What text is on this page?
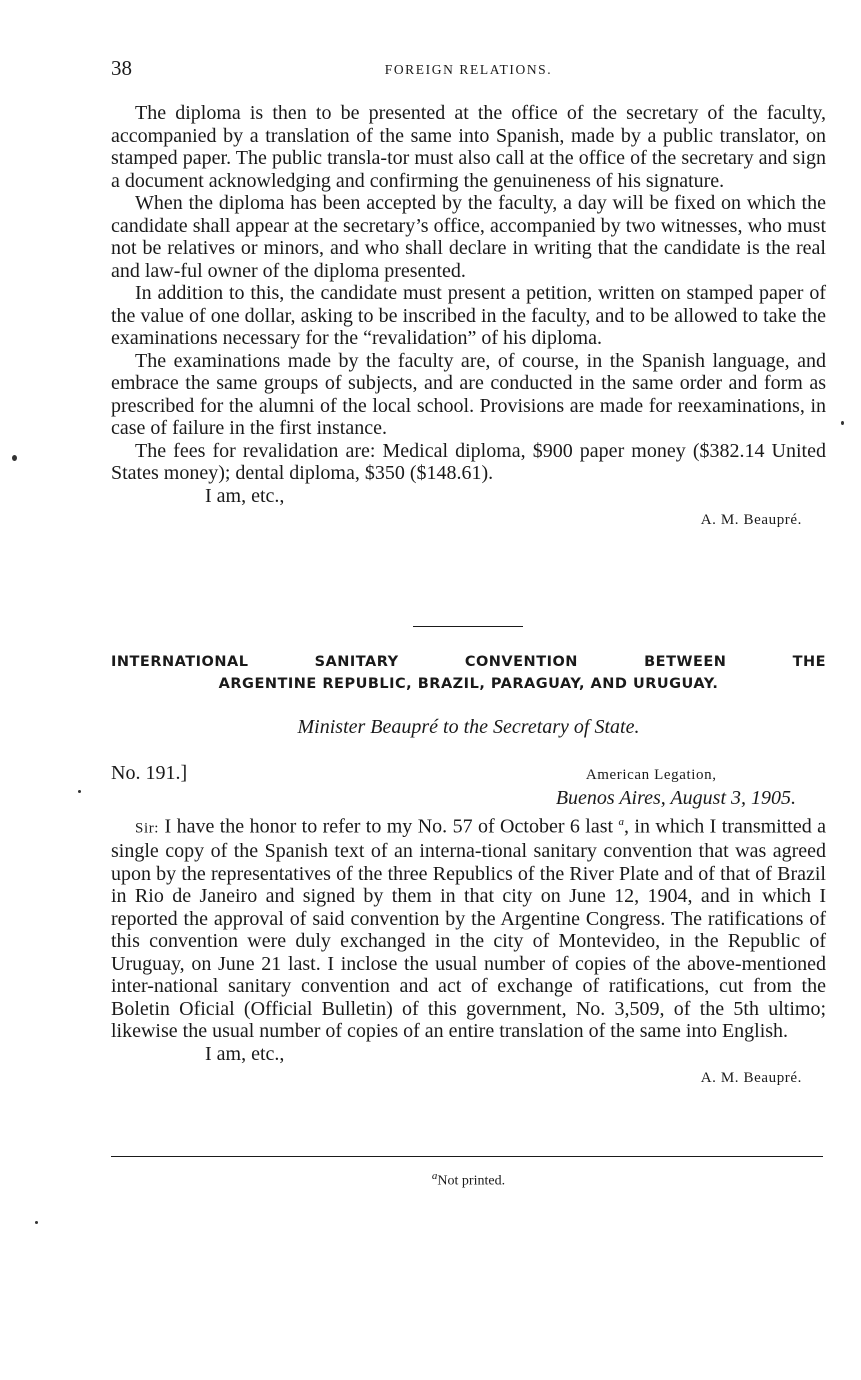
38	FOREIGN RELATIONS.

The diploma is then to be presented at the office of the secretary of the faculty, accompanied by a translation of the same into Spanish, made by a public translator, on stamped paper. The public transla-tor must also call at the office of the secretary and sign a document acknowledging and confirming the genuineness of his signature.

When the diploma has been accepted by the faculty, a day will be fixed on which the candidate shall appear at the secretary’s office, accompanied by two witnesses, who must not be relatives or minors, and who shall declare in writing that the candidate is the real and law-ful owner of the diploma presented.

In addition to this, the candidate must present a petition, written on stamped paper of the value of one dollar, asking to be inscribed in the faculty, and to be allowed to take the examinations necessary for the “revalidation” of his diploma.

The examinations made by the faculty are, of course, in the Spanish language, and embrace the same groups of subjects, and are conducted in the same order and form as prescribed for the alumni of the local school. Provisions are made for reexaminations, in case of failure in the first instance.

The fees for revalidation are: Medical diploma, $900 paper money ($382.14 United States money); dental diploma, $350 ($148.61).

I am, etc.,

A. M. Beaupré.

INTERNATIONAL SANITARY CONVENTION BETWEEN THE
ARGENTINE REPUBLIC, BRAZIL, PARAGUAY, AND URUGUAY.
Minister Beaupré to the Secretary of State.
No. 191.]	American Legation,
Buenos Aires, August 3, 1905.

Sir: I have the honor to refer to my No. 57 of October 6 last $^a$, in which I transmitted a single copy of the Spanish text of an interna-tional sanitary convention that was agreed upon by the representatives of the three Republics of the River Plate and of that of Brazil in Rio de Janeiro and signed by them in that city on June 12, 1904, and in which I reported the approval of said convention by the Argentine Congress. The ratifications of this convention were duly exchanged in the city of Montevideo, in the Republic of Uruguay, on June 21 last. I inclose the usual number of copies of the above-mentioned inter-national sanitary convention and act of exchange of ratifications, cut from the Boletin Oficial (Official Bulletin) of this government, No. 3,509, of the 5th ultimo; likewise the usual number of copies of an entire translation of the same into English.

I am, etc.,

A. M. Beaupré.

$^a$Not printed.
